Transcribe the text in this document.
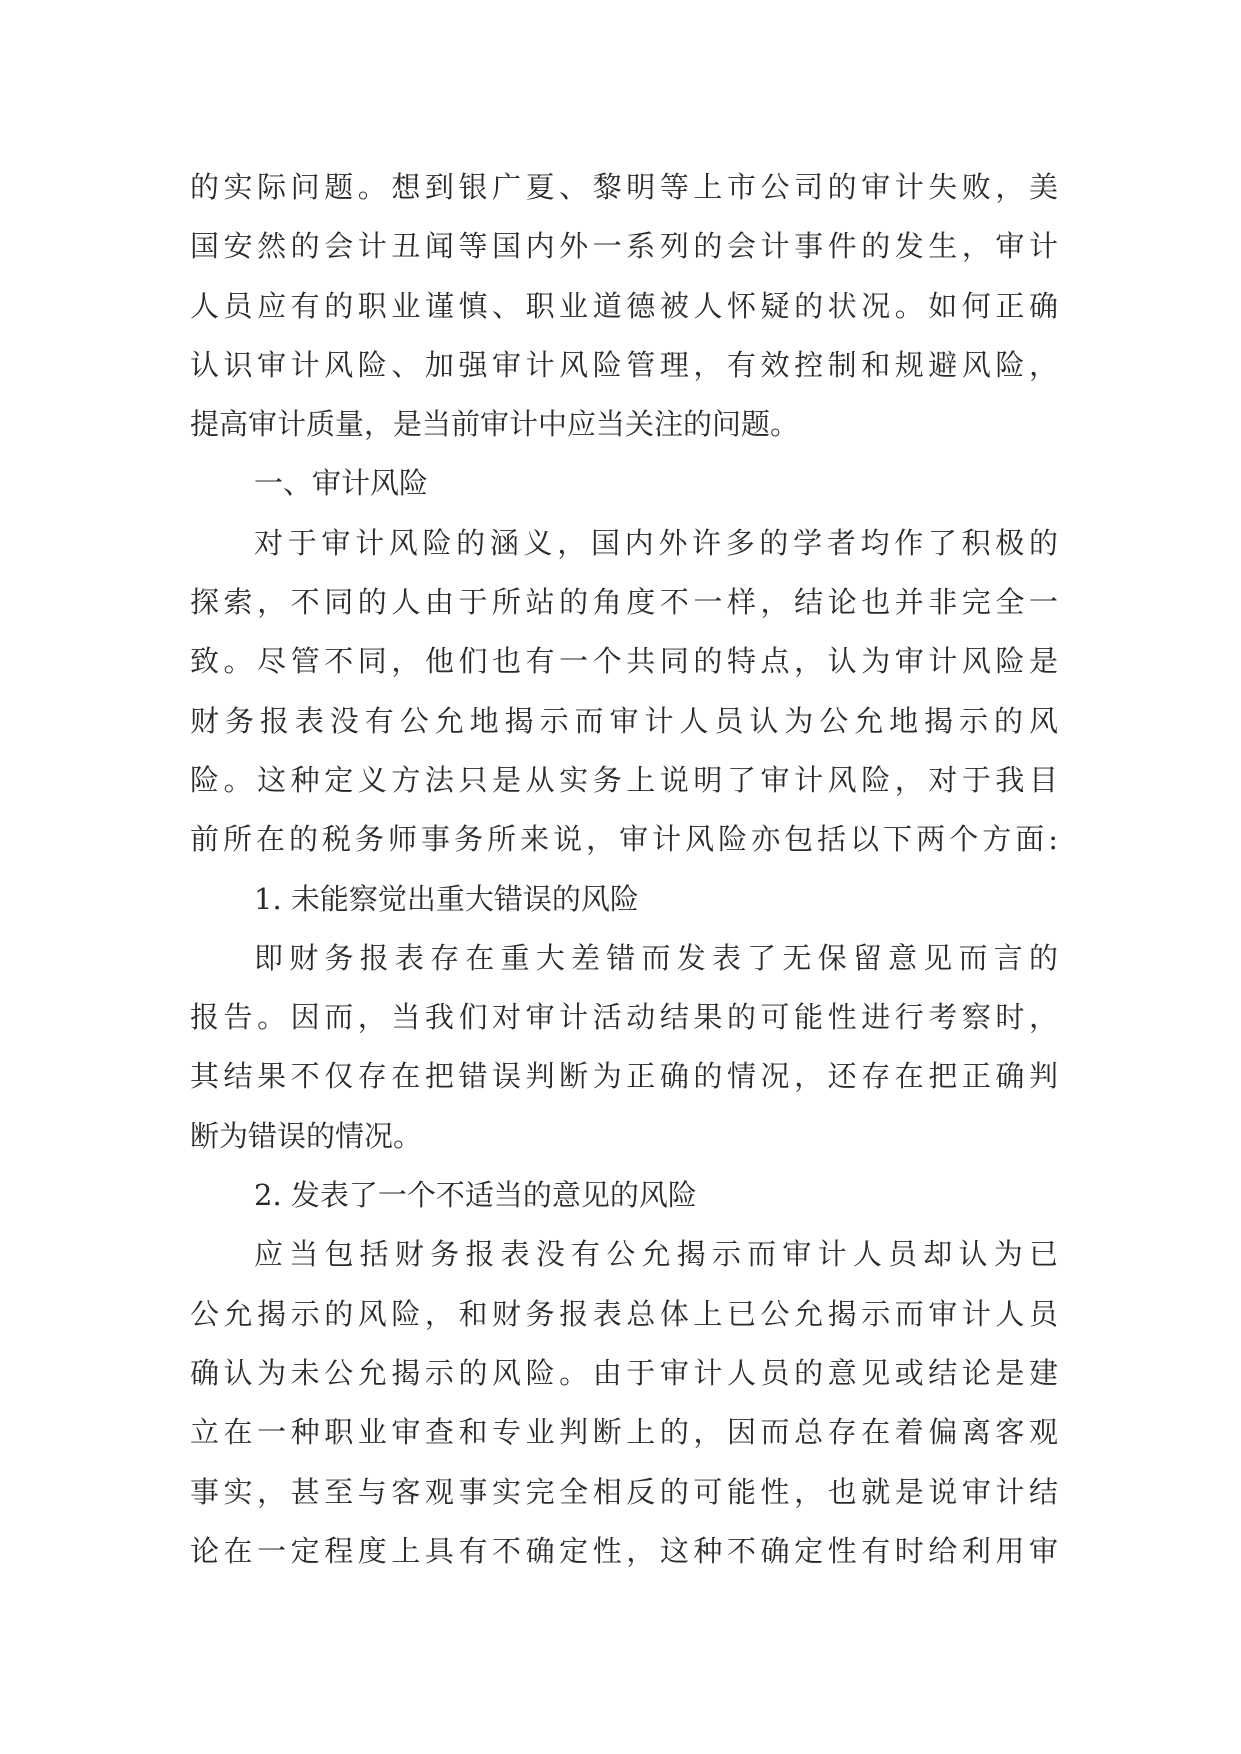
的实际问题。想到银广夏、黎明等上市公司的审计失败，美
国安然的会计丑闻等国内外一系列的会计事件的发生，审计
人员应有的职业谨慎、职业道德被人怀疑的状况。如何正确
认识审计风险、加强审计风险管理，有效控制和规避风险，
提高审计质量，是当前审计中应当关注的问题。
一、审计风险
对于审计风险的涵义，国内外许多的学者均作了积极的
探索，不同的人由于所站的角度不一样，结论也并非完全一
致。尽管不同，他们也有一个共同的特点，认为审计风险是
财务报表没有公允地揭示而审计人员认为公允地揭示的风
险。这种定义方法只是从实务上说明了审计风险，对于我目
前所在的税务师事务所来说，审计风险亦包括以下两个方面:
1. 未能察觉出重大错误的风险
即财务报表存在重大差错而发表了无保留意见而言的
报告。因而，当我们对审计活动结果的可能性进行考察时，
其结果不仅存在把错误判断为正确的情况，还存在把正确判
断为错误的情况。
2. 发表了一个不适当的意见的风险
应当包括财务报表没有公允揭示而审计人员却认为已
公允揭示的风险，和财务报表总体上已公允揭示而审计人员
确认为未公允揭示的风险。由于审计人员的意见或结论是建
立在一种职业审查和专业判断上的，因而总存在着偏离客观
事实，甚至与客观事实完全相反的可能性，也就是说审计结
论在一定程度上具有不确定性，这种不确定性有时给利用审
